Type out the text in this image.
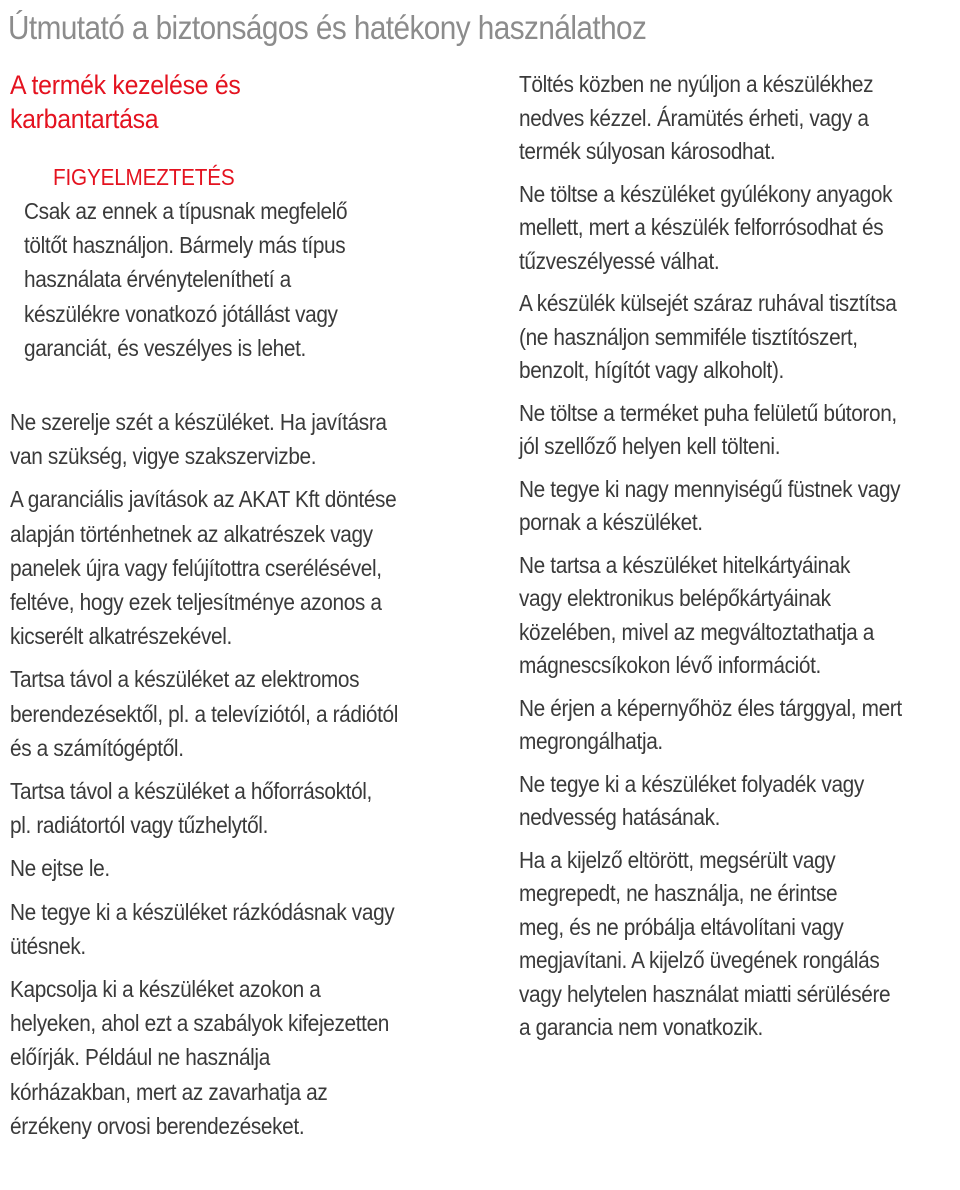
Útmutató a biztonságos és hatékony használathoz
A termék kezelése és
karbantartása
FIGYELMEZTETÉS
Csak az ennek a típusnak megfelelő
töltőt használjon. Bármely más típus
használata érvényteleníthetí a
készülékre vonatkozó jótállást vagy
garanciát, és veszélyes is lehet.

Ne szerelje szét a készüléket. Ha javításra
van szükség, vigye szakszervizbe.

A garanciális javítások az AKAT Kft döntése
alapján történhetnek az alkatrészek vagy
panelek újra vagy felújítottra cserélésével,
feltéve, hogy ezek teljesítménye azonos a
kicserélt alkatrészekével.

Tartsa távol a készüléket az elektromos
berendezésektől, pl. a televíziótól, a rádiótól
és a számítógéptől.

Tartsa távol a készüléket a hőforrásoktól,
pl. radiátortól vagy tűzhelytől.

Ne ejtse le.

Ne tegye ki a készüléket rázkódásnak vagy
ütésnek.

Kapcsolja ki a készüléket azokon a
helyeken, ahol ezt a szabályok kifejezetten
előírják. Például ne használja
kórházakban, mert az zavarhatja az
érzékeny orvosi berendezéseket.

Töltés közben ne nyúljon a készülékhez
nedves kézzel. Áramütés érheti, vagy a
termék súlyosan károsodhat.

Ne töltse a készüléket gyúlékony anyagok
mellett, mert a készülék felforrósodhat és
tűzveszélyessé válhat.

A készülék külsejét száraz ruhával tisztítsa
(ne használjon semmiféle tisztítószert,
benzolt, hígítót vagy alkoholt).

Ne töltse a terméket puha felületű bútoron,
jól szellőző helyen kell tölteni.

Ne tegye ki nagy mennyiségű füstnek vagy
pornak a készüléket.

Ne tartsa a készüléket hitelkártyáinak
vagy elektronikus belépőkártyáinak
közelében, mivel az megváltoztathatja a
mágnescsíkokon lévő információt.

Ne érjen a képernyőhöz éles tárggyal, mert
megrongálhatja.

Ne tegye ki a készüléket folyadék vagy
nedvesség hatásának.

Ha a kijelző eltörött, megsérült vagy
megrepedt, ne használja, ne érintse
meg, és ne próbálja eltávolítani vagy
megjavítani. A kijelző üvegének rongálás
vagy helytelen használat miatti sérülésére
a garancia nem vonatkozik.
